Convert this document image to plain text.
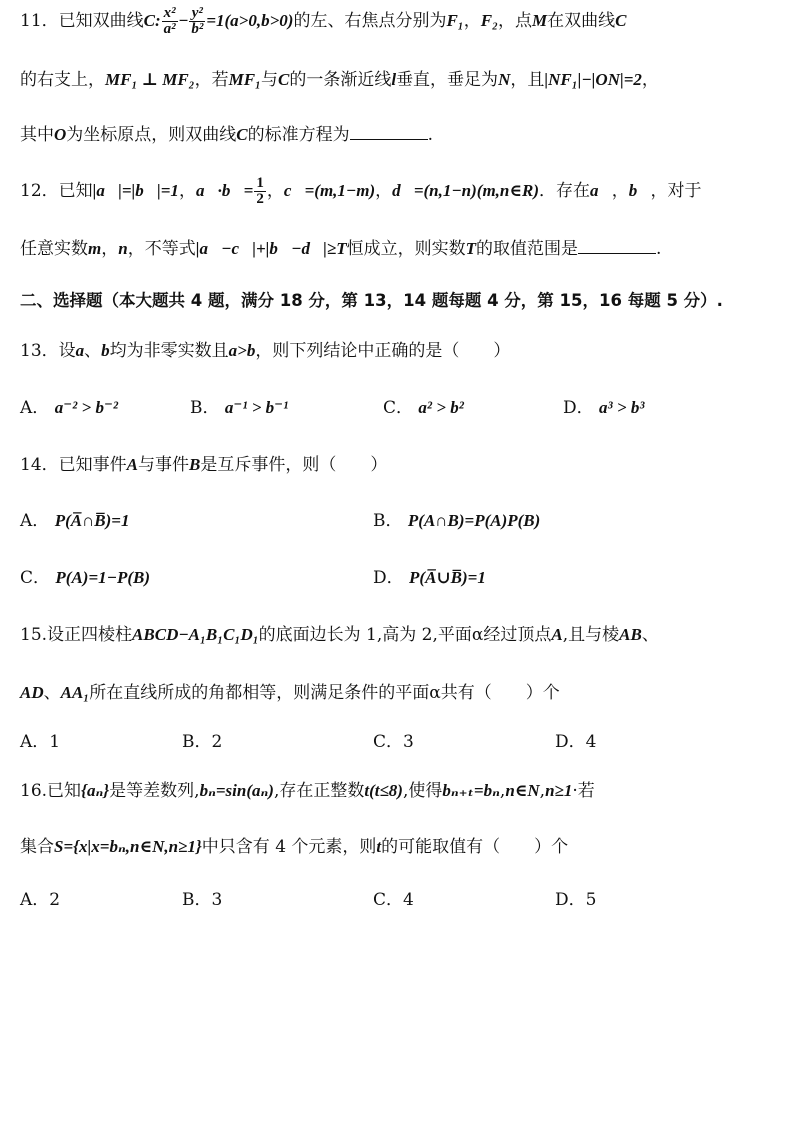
11．已知双曲线C: $\frac{\text{x²}}{\text{a²}} - \frac{\text{y²}}{\text{b²}} =1(a>0,b>0)$的左、右焦点分别为F₁，F₂，点M在双曲线C
的右支上，MF₁ ⊥ MF₂，若MF₁与C的一条渐近线l垂直，垂足为N，且|NF₁|−|ON|=2，
其中O为坐标原点，则双曲线C的标准方程为	.
12．已知|a⃗|=|b⃗|=1，a⃗·b⃗= $\frac{1}{2}$ ，c⃗=(m,1−m)，d⃗=(n,1−n)(m,n∈R)．存在a⃗，b⃗，对于
任意实数m，n，不等式|a⃗−c⃗|+|b⃗−d⃗|≥T恒成立，则实数T的取值范围是	.
二、选择题（本大题共 4 题，满分 18 分，第 13，14 题每题 4 分，第 15，16 每题 5 分）.
13．设a、b均为非零实数且a>b，则下列结论中正确的是（ ）
A． a⁻² > b⁻²	B． a⁻¹ > b⁻¹	C． a² > b²	D． a³ > b³
14．已知事件A与事件B是互斥事件，则（ ）
A． P(A̅∩B̅)=1	B． P(A∩B)=P(A)P(B)
C． P(A)=1−P(B)	D． P(A̅∪B̅)=1
15.设正四棱柱ABCD−A₁B₁C₁D₁的底面边长为 1,高为 2,平面α经过顶点A,且与棱AB、
AD、AA₁所在直线所成的角都相等，则满足条件的平面α共有（ ）个
A．1	B．2	C．3	D．4
16.已知{aₙ}是等差数列,bₙ=sin(aₙ),存在正整数t(t≤8),使得bₙ₊ₜ=bₙ,n∈N,n≥1·若
集合S={x|x=bₙ,n∈N,n≥1}中只含有 4 个元素，则t的可能取值有（ ）个
A．2	B．3	C．4	D．5
